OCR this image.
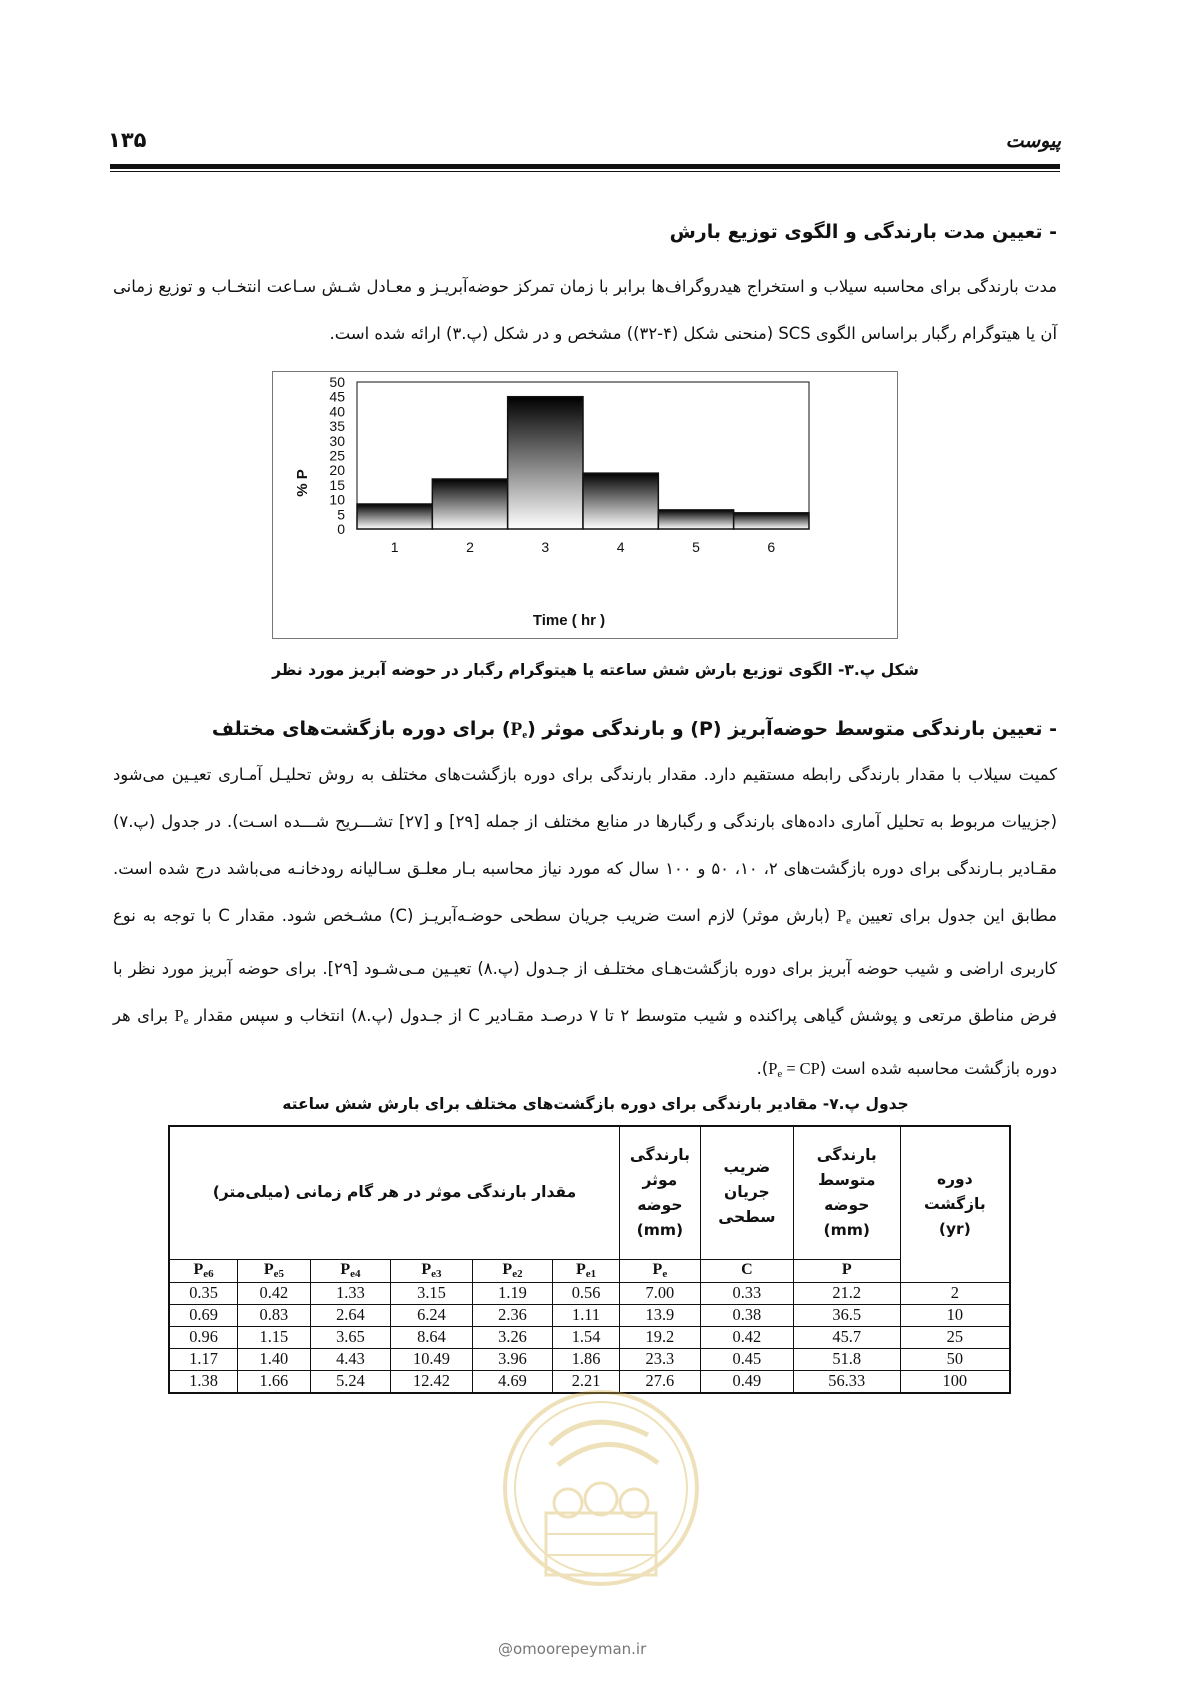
۱۳۵	پیوست
- تعیین مدت بارندگی و الگوی توزیع بارش
مدت بارندگی برای محاسبه سیلاب و استخراج هیدروگراف‌ها برابر با زمان تمرکز حوضه‌آبریـز و معـادل شـش سـاعت انتخـاب و توزیع زمانی آن یا هیتوگرام رگبار براساس الگوی SCS (منحنی شکل (۴-۳۲)) مشخص و در شکل (پ.۳) ارائه شده است.
50
45
40
35
30
25
20
15
10
5
0
1	2	3	4	5	6
% P
Time ( hr )
شکل پ.۳- الگوی توزیع بارش شش ساعته یا هیتوگرام رگبار در حوضه آبریز مورد نظر
- تعیین بارندگی متوسط حوضه‌آبریز (P) و بارندگی موثر $(P_e)$ برای دوره بازگشت‌های مختلف
کمیت سیلاب با مقدار بارندگی رابطه مستقیم دارد. مقدار بارندگی برای دوره بازگشت‌های مختلف به روش تحلیـل آمـاری تعیـین می‌شود (جزییات مربوط به تحلیل آماری داده‌های بارندگی و رگبارها در منابع مختلف از جمله [۲۹] و [۲۷] تشـــریح شـــده اسـت). در جدول (پ.۷) مقـادیر بـارندگی برای دوره بازگشت‌های ۲، ۱۰، ۵۰ و ۱۰۰ سال که مورد نیاز محاسبه بـار معلـق سـالیانه رودخانـه می‌باشد درج شده است. مطابق این جدول برای تعیین $P_e$ (بارش موثر) لازم است ضریب جریان سطحی حوضـه‌آبریـز (C) مشـخص شود. مقدار C با توجه به نوع کاربری اراضی و شیب حوضه آبریز برای دوره بازگشت‌هـای مختلـف از جـدول (پ.۸) تعیـین مـی‌شـود [۲۹]. برای حوضه آبریز مورد نظر با فرض مناطق مرتعی و پوشش گیاهی پراکنده و شیب متوسط ۲ تا ۷ درصـد مقـادیر C از جـدول (پ.۸) انتخاب و سپس مقدار $P_e$ برای هر دوره بازگشت محاسبه شده است $(P_e = CP)$.
جدول پ.۷- مقادیر بارندگی برای دوره بازگشت‌های مختلف برای بارش شش ساعته
مقدار بارندگی موثر در هر گام زمانی (میلی‌متر)						بارندگی موثر حوضه (mm)	ضریب جریان سطحی	بارندگی متوسط حوضه (mm)	دوره بازگشت (yr)
Pe6	Pe5	Pe4	Pe3	Pe2	Pe1	Pe	C	P	
0.35	0.42	1.33	3.15	1.19	0.56	7.00	0.33	21.2	2
0.69	0.83	2.64	6.24	2.36	1.11	13.9	0.38	36.5	10
0.96	1.15	3.65	8.64	3.26	1.54	19.2	0.42	45.7	25
1.17	1.40	4.43	10.49	3.96	1.86	23.3	0.45	51.8	50
1.38	1.66	5.24	12.42	4.69	2.21	27.6	0.49	56.33	100
@omoorepeyman.ir
